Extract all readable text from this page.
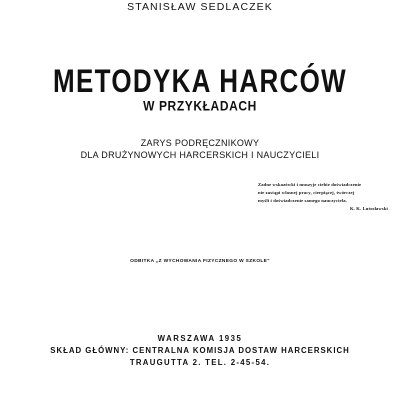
STANISŁAW SEDLACZEK
METODYKA HARCÓW
W PRZYKŁADACH
ZARYS PODRĘCZNIKOWY
DLA DRUŻYNOWYCH HARCERSKICH I NAUCZYCIELI
Zadne wskazówki i muszyje ciebie doświadczenie
nie zastąpi własnej pracy, cierpiącej, twórczej
myśli i doświadczenie samego nauczyciela.
K. K. Lutosławski
ODBITKA „Z WYCHOWANIA FIZYCZNEGO W SZKOLE"
WARSZAWA 1935
SKŁAD GŁÓWNY: CENTRALNA KOMISJA DOSTAW HARCERSKICH
TRAUGUTTA 2. TEL. 2-45-54.
